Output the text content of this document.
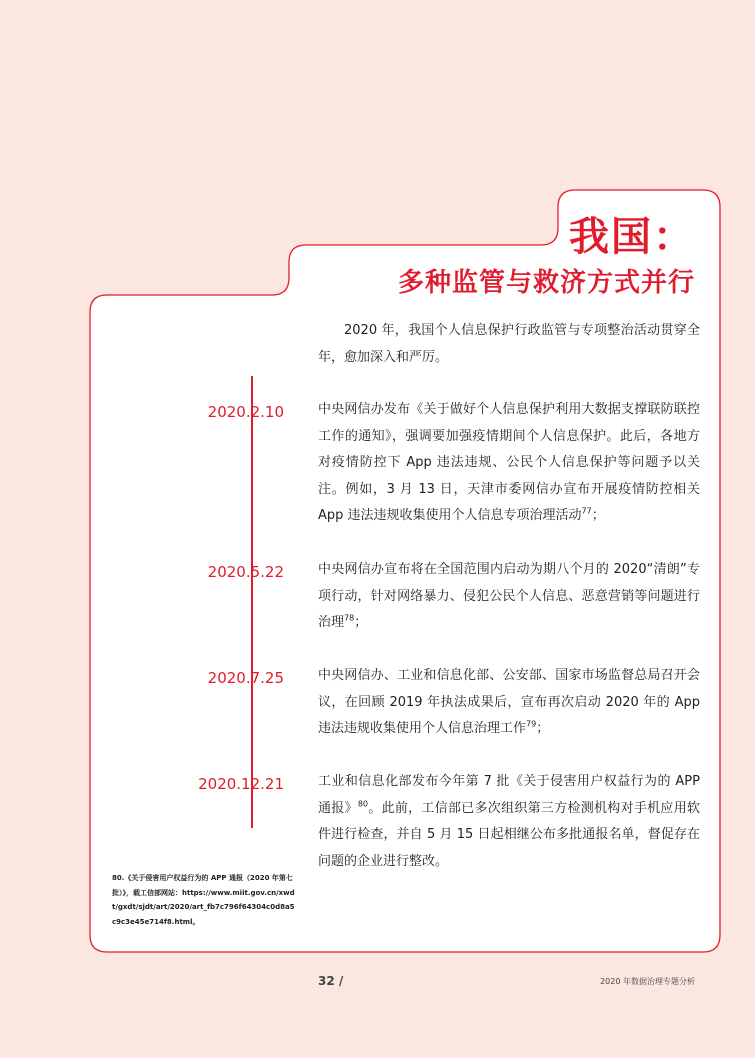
我国：
多种监管与救济方式并行
2020 年，我国个人信息保护行政监管与专项整治活动贯穿全年，愈加深入和严厉。
2020.2.10	中央网信办发布《关于做好个人信息保护利用大数据支撑联防联控工作的通知》，强调要加强疫情期间个人信息保护。此后，各地方对疫情防控下 App 违法违规、公民个人信息保护等问题予以关注。例如，3 月 13 日，天津市委网信办宣布开展疫情防控相关 App 违法违规收集使用个人信息专项治理活动$^{77}$；
2020.5.22	中央网信办宣布将在全国范围内启动为期八个月的 2020“清朗”专项行动，针对网络暴力、侵犯公民个人信息、恶意营销等问题进行治理$^{78}$；
2020.7.25	中央网信办、工业和信息化部、公安部、国家市场监督总局召开会议，在回顾 2019 年执法成果后，宣布再次启动 2020 年的 App 违法违规收集使用个人信息治理工作$^{79}$；
2020.12.21	工业和信息化部发布今年第 7 批《关于侵害用户权益行为的 APP 通报》$^{80}$。此前，工信部已多次组织第三方检测机构对手机应用软件进行检查，并自 5 月 15 日起相继公布多批通报名单，督促存在问题的企业进行整改。
80.《关于侵害用户权益行为的 APP 通报（2020 年第七批）》，载工信部网站：https://www.miit.gov.cn/xwdt/gxdt/sjdt/art/2020/art_fb7c796f64304c0d8a5c9c3e45e714f8.html。
32 /	2020 年数据治理专题分析
